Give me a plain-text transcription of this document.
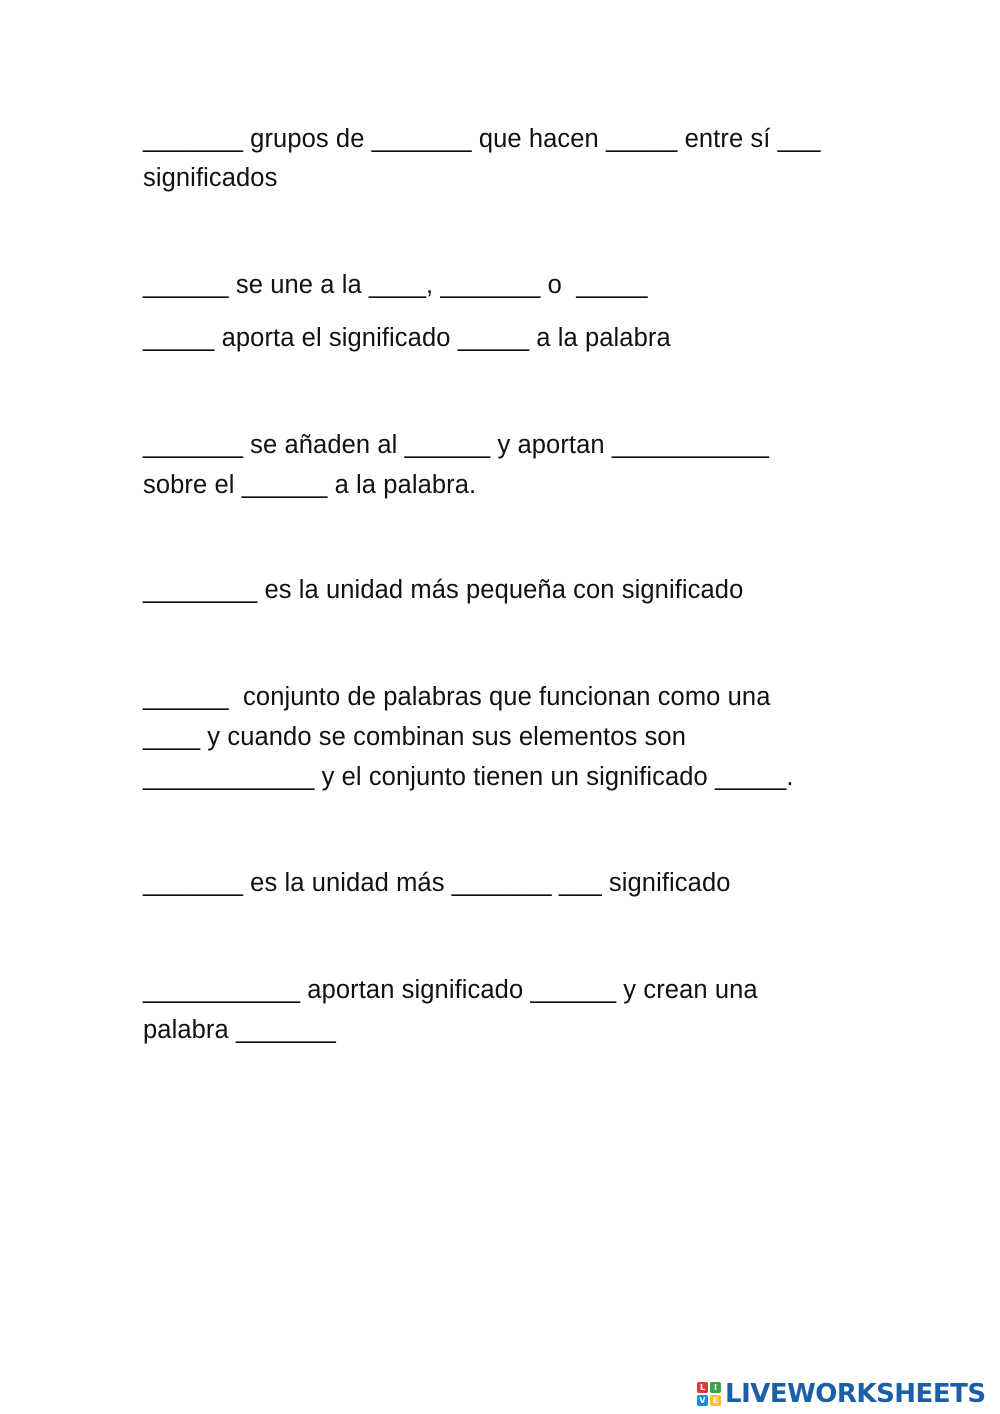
_______ grupos de _______ que hacen _____ entre sí ___
significados
______ se une a la ____, _______ o  _____
_____ aporta el significado _____ a la palabra
_______ se añaden al ______ y aportan ___________
sobre el ______ a la palabra.
________ es la unidad más pequeña con significado
______  conjunto de palabras que funcionan como una
____ y cuando se combinan sus elementos son
____________ y el conjunto tienen un significado _____.
_______ es la unidad más _______ ___ significado
___________ aportan significado ______ y crean una
palabra _______
L	I
V E LIVEWORKSHEETS
